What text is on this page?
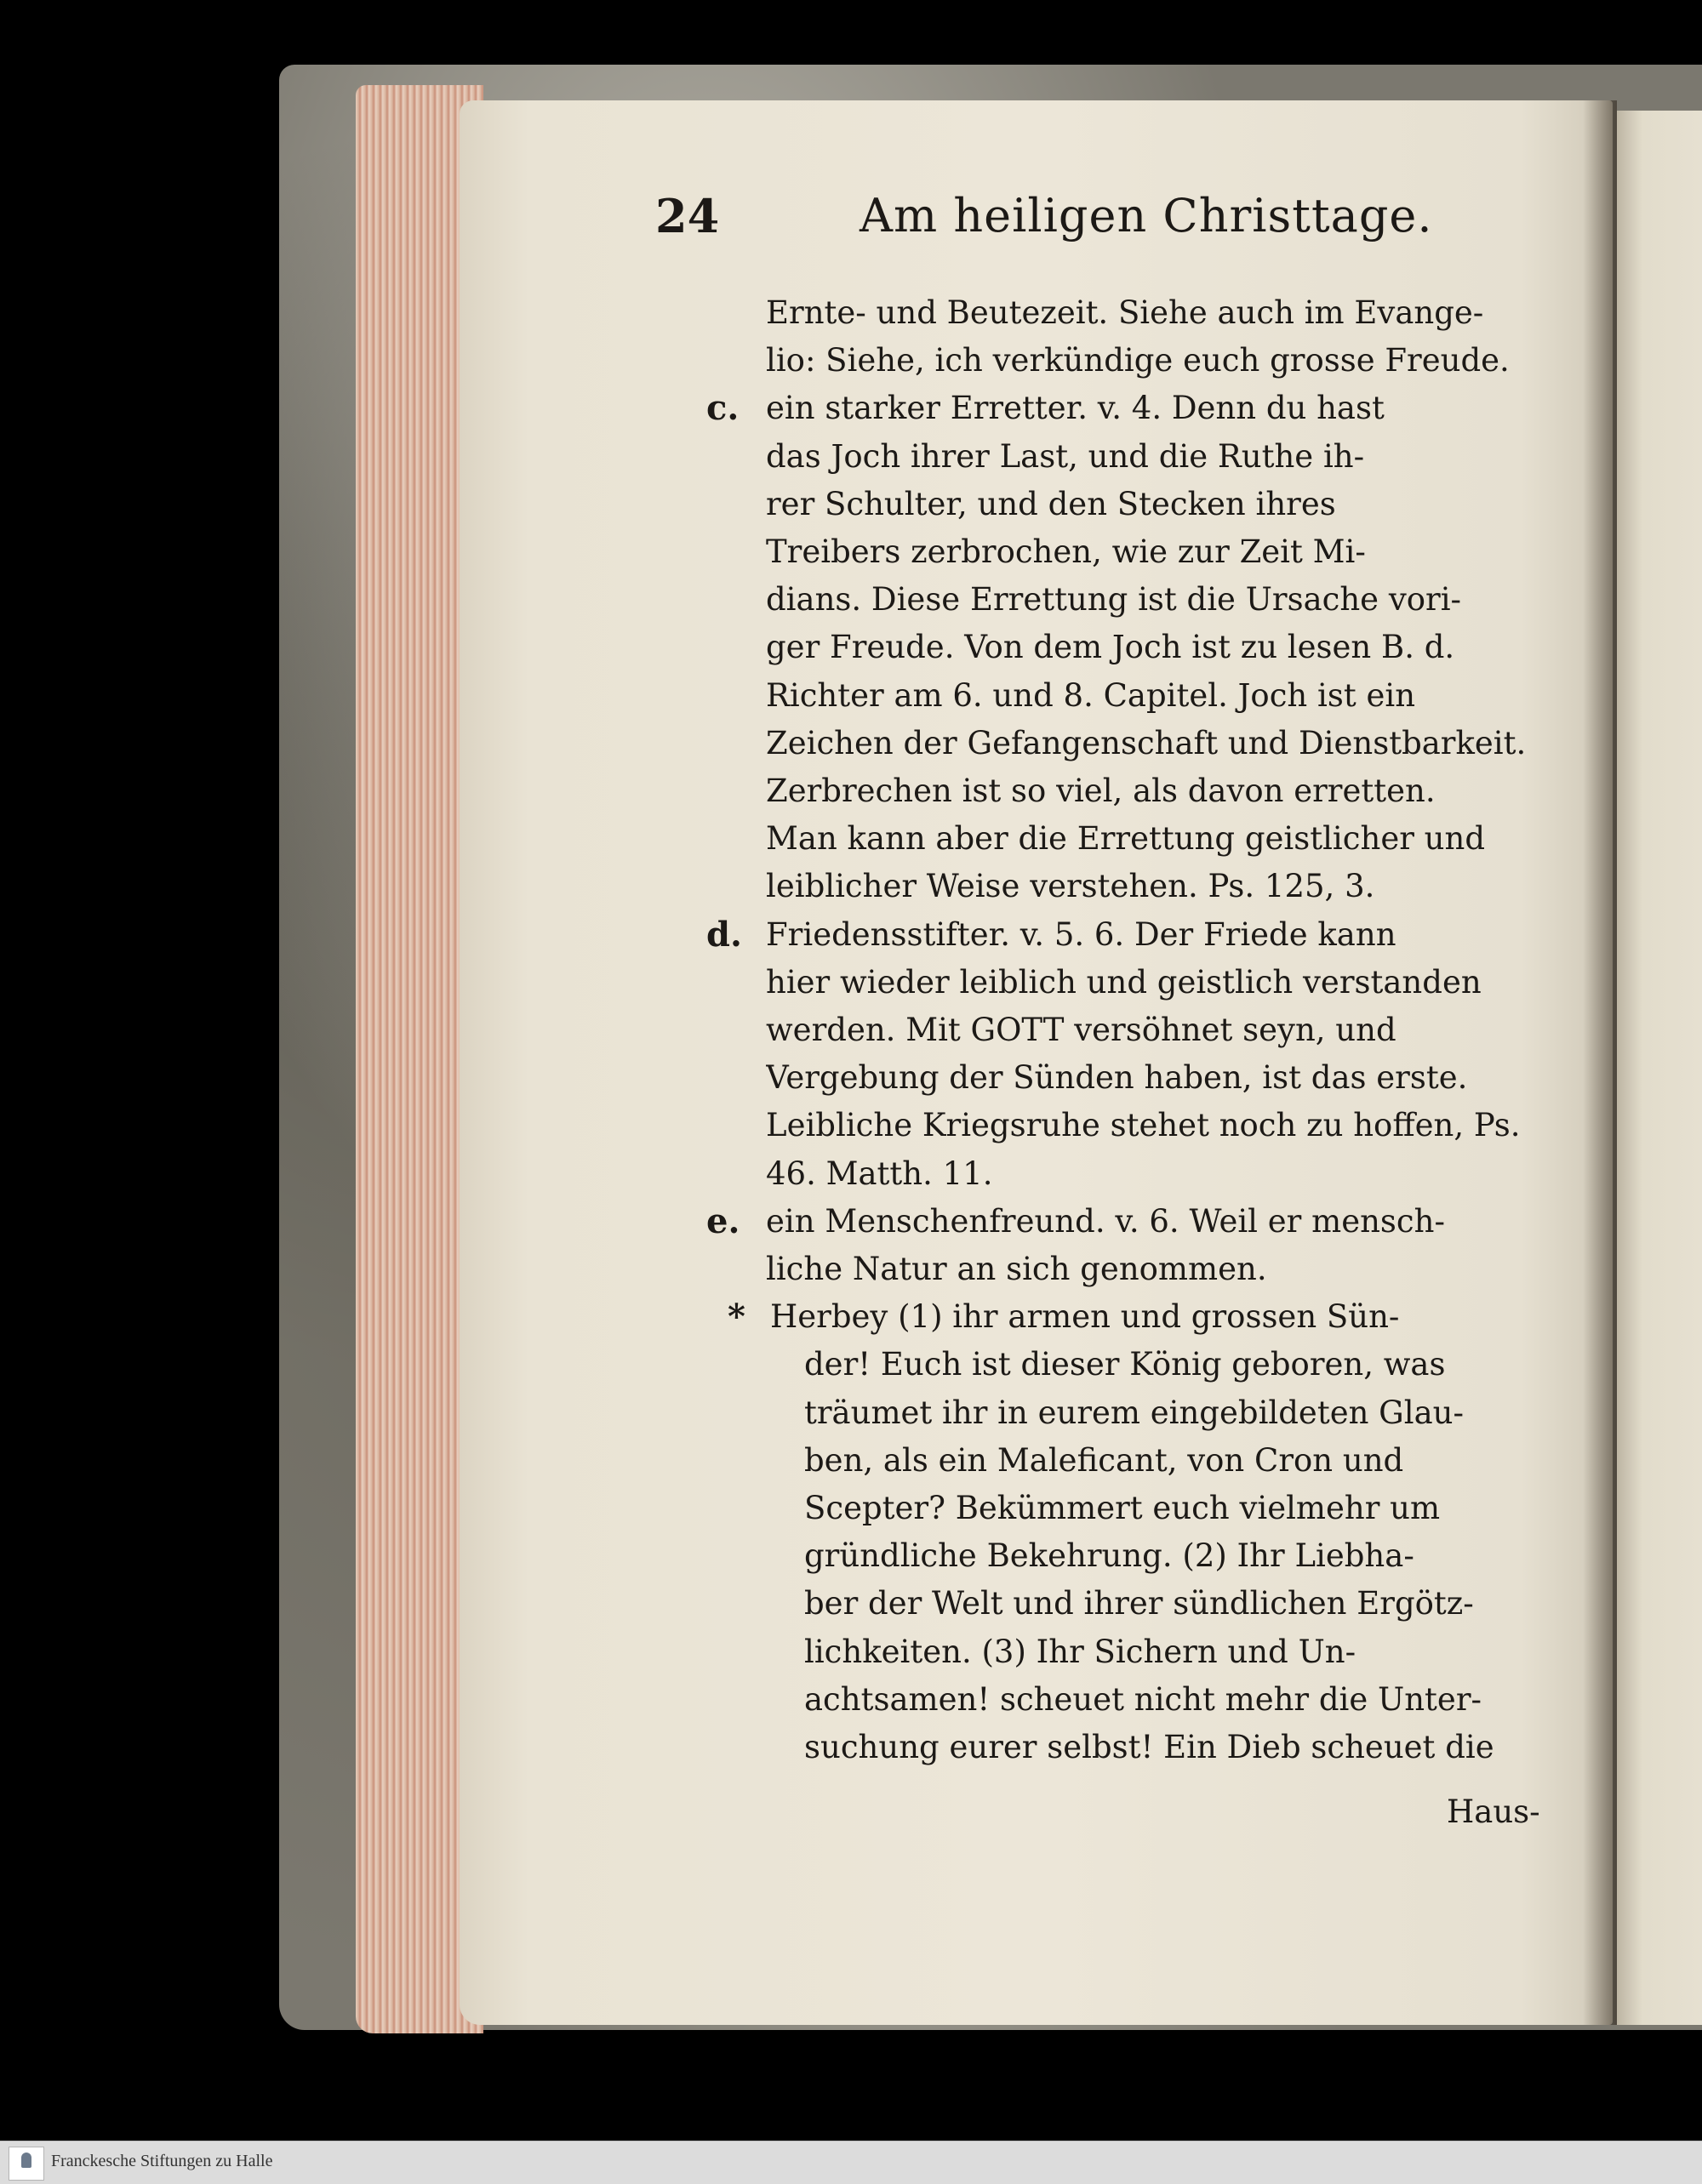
24	Am heiligen Christtage.
Ernte- und Beutezeit. Siehe auch im Evange-
lio: Siehe, ich verkündige euch grosse Freude.
c. ein starker Erretter. v. 4. Denn du hast
das Joch ihrer Last, und die Ruthe ih-
rer Schulter, und den Stecken ihres
Treibers zerbrochen, wie zur Zeit Mi-
dians. Diese Errettung ist die Ursache vori-
ger Freude. Von dem Joch ist zu lesen B. d.
Richter am 6. und 8. Capitel. Joch ist ein
Zeichen der Gefangenschaft und Dienstbarkeit.
Zerbrechen ist so viel, als davon erretten.
Man kann aber die Errettung geistlicher und
leiblicher Weise verstehen. Ps. 125, 3.
d. Friedensstifter. v. 5. 6. Der Friede kann
hier wieder leiblich und geistlich verstanden
werden. Mit GOTT versöhnet seyn, und
Vergebung der Sünden haben, ist das erste.
Leibliche Kriegsruhe stehet noch zu hoffen, Ps.
46. Matth. 11.
e. ein Menschenfreund. v. 6. Weil er mensch-
liche Natur an sich genommen.
* Herbey (1) ihr armen und grossen Sün-
der! Euch ist dieser König geboren, was
träumet ihr in eurem eingebildeten Glau-
ben, als ein Maleficant, von Cron und
Scepter? Bekümmert euch vielmehr um
gründliche Bekehrung. (2) Ihr Liebha-
ber der Welt und ihrer sündlichen Ergötz-
lichkeiten. (3) Ihr Sichern und Un-
achtsamen! scheuet nicht mehr die Unter-
suchung eurer selbst! Ein Dieb scheuet die
Haus-
Franckesche Stiftungen zu Halle
